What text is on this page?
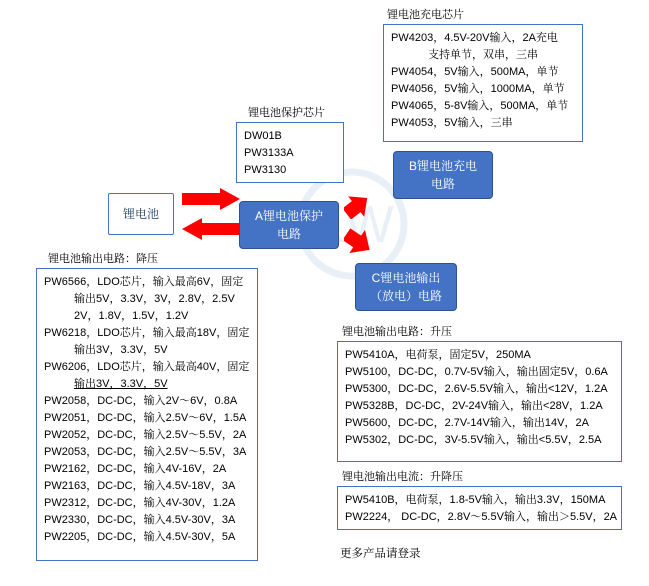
KW
锂电池充电芯片
PW4203，4.5V-20V输入，2A充电
支持单节，双串，三串
PW4054，5V输入，500MA，单节
PW4056，5V输入，1000MA，单节
PW4065，5-8V输入，500MA，单节
PW4053，5V输入，三串
锂电池保护芯片
DW01B
PW3133A
PW3130
锂电池	A锂电池保护
电路
B锂电池充电
电路
C锂电池输出
（放电）电路
锂电池输出电路：降压
PW6566，LDO芯片，输入最高6V，固定
输出5V，3.3V，3V，2.8V，2.5V
2V，1.8V，1.5V，1.2V
PW6218，LDO芯片，输入最高18V，固定
输出3V，3.3V，5V
PW6206，LDO芯片，输入最高40V，固定
输出3V，3.3V，5V
PW2058，DC-DC，输入2V～6V，0.8A
PW2051，DC-DC，输入2.5V～6V，1.5A
PW2052，DC-DC，输入2.5V～5.5V，2A
PW2053，DC-DC，输入2.5V～5.5V，3A
PW2162，DC-DC，输入4V-16V，2A
PW2163，DC-DC，输入4.5V-18V，3A
PW2312，DC-DC，输入4V-30V，1.2A
PW2330，DC-DC，输入4.5V-30V，3A
PW2205，DC-DC，输入4.5V-30V，5A
锂电池输出电路：升压
PW5410A，电荷泵，固定5V，250MA
PW5100，DC-DC，0.7V-5V输入，输出固定5V，0.6A
PW5300，DC-DC，2.6V-5.5V输入，输出<12V，1.2A
PW5328B，DC-DC，2V-24V输入，输出<28V，1.2A
PW5600，DC-DC，2.7V-14V输入，输出14V，2A
PW5302，DC-DC，3V-5.5V输入，输出<5.5V，2.5A
锂电池输出电流：升降压
PW5410B，电荷泵，1.8-5V输入，输出3.3V，150MA
PW2224， DC-DC，2.8V～5.5V输入，输出＞5.5V，2A
更多产品请登录
